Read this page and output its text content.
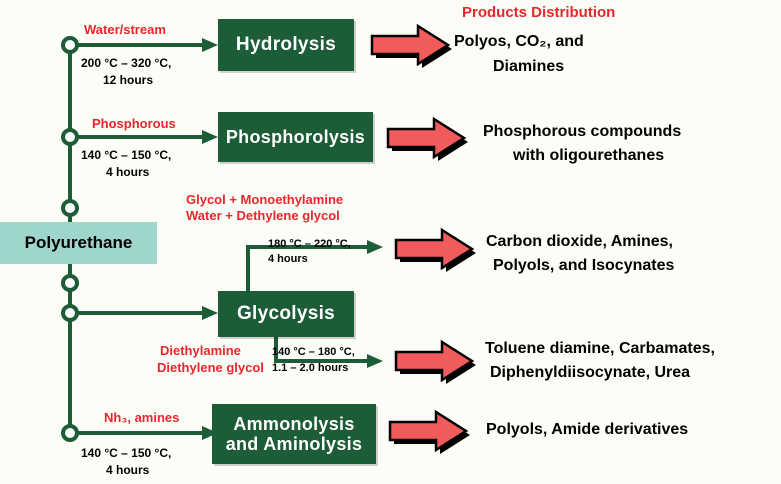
Products Distribution
Polyurethane
Hydrolysis
Phosphorolysis
Glycolysis
Ammonolysis
and Aminolysis
Water/stream
Phosphorous
Glycol + Monoethylamine
Water + Dethylene glycol
Diethylamine
Diethylene glycol
Nh₃, amines
200 °C – 320 °C,
12 hours
140 °C – 150 °C,
4 hours
180 °C – 220 °C,
4 hours
140 °C – 180 °C,
1.1 – 2.0 hours
140 °C – 150 °C,
4 hours
Polyos, CO₂, and
Diamines
Phosphorous compounds
with oligourethanes
Carbon dioxide, Amines,
Polyols, and Isocynates
Toluene diamine, Carbamates,
Diphenyldiisocynate, Urea
Polyols, Amide derivatives
